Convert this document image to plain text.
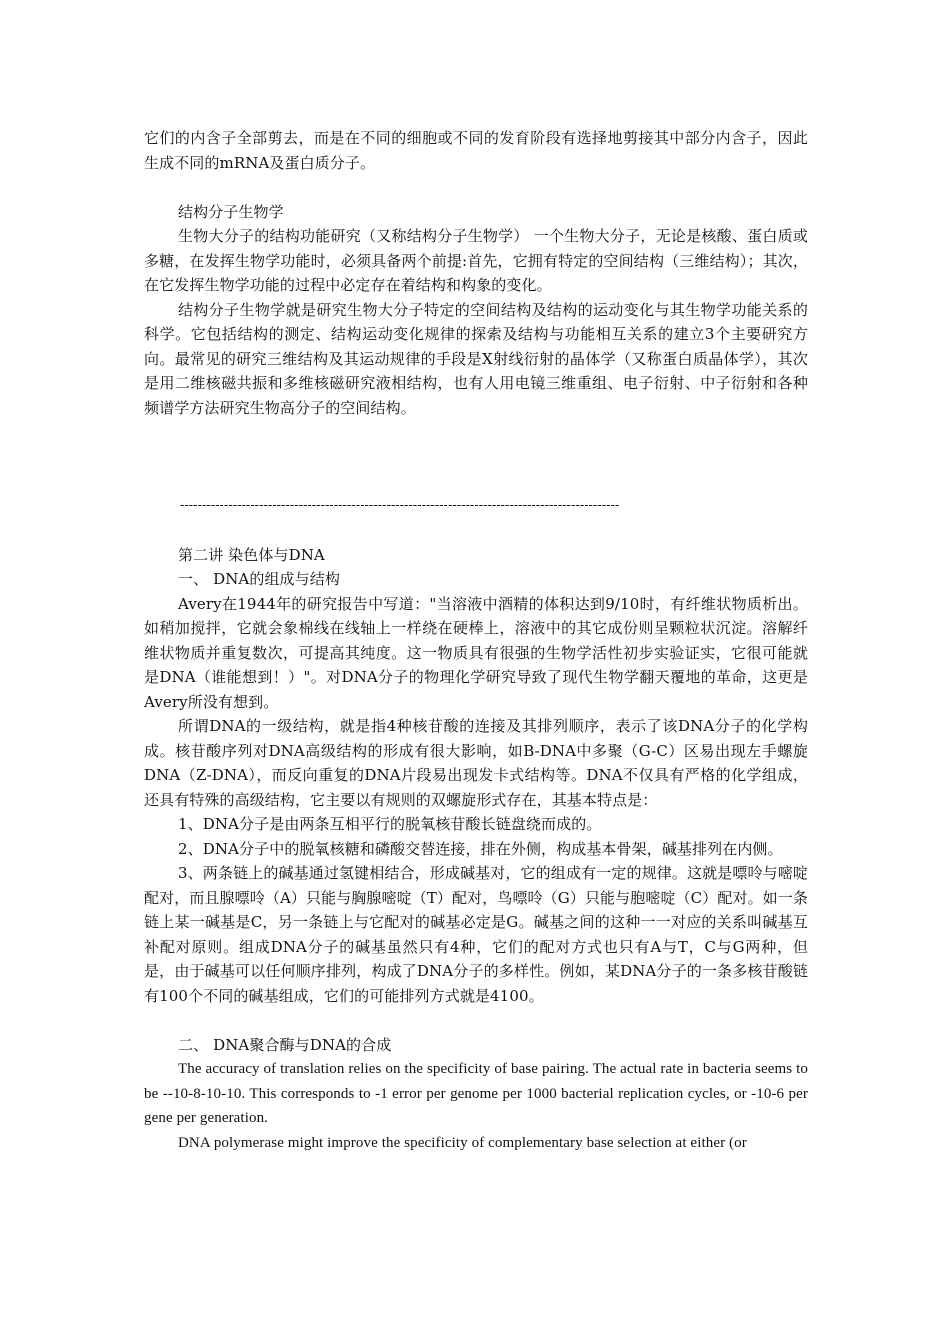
它们的内含子全部剪去，而是在不同的细胞或不同的发育阶段有选择地剪接其中部分内含子，因此生成不同的mRNA及蛋白质分子。

结构分子生物学

生物大分子的结构功能研究（又称结构分子生物学） 一个生物大分子，无论是核酸、蛋白质或多糖，在发挥生物学功能时，必须具备两个前提:首先，它拥有特定的空间结构（三维结构）；其次，在它发挥生物学功能的过程中必定存在着结构和构象的变化。

结构分子生物学就是研究生物大分子特定的空间结构及结构的运动变化与其生物学功能关系的科学。它包括结构的测定、结构运动变化规律的探索及结构与功能相互关系的建立3个主要研究方向。最常见的研究三维结构及其运动规律的手段是X射线衍射的晶体学（又称蛋白质晶体学），其次是用二维核磁共振和多维核磁研究液相结构，也有人用电镜三维重组、电子衍射、中子衍射和各种频谱学方法研究生物高分子的空间结构。

----------------------------------------------------------------------------------------------------

第二讲 染色体与DNA

一、 DNA的组成与结构

Avery在1944年的研究报告中写道："当溶液中酒精的体积达到9/10时，有纤维状物质析出。如稍加搅拌，它就会象棉线在线轴上一样绕在硬棒上，溶液中的其它成份则呈颗粒状沉淀。溶解纤维状物质并重复数次，可提高其纯度。这一物质具有很强的生物学活性初步实验证实，它很可能就是DNA（谁能想到！）"。对DNA分子的物理化学研究导致了现代生物学翻天覆地的革命，这更是Avery所没有想到。

所谓DNA的一级结构，就是指4种核苷酸的连接及其排列顺序，表示了该DNA分子的化学构成。核苷酸序列对DNA高级结构的形成有很大影响，如B-DNA中多聚（G-C）区易出现左手螺旋DNA（Z-DNA），而反向重复的DNA片段易出现发卡式结构等。DNA不仅具有严格的化学组成，还具有特殊的高级结构，它主要以有规则的双螺旋形式存在，其基本特点是：

1、DNA分子是由两条互相平行的脱氧核苷酸长链盘绕而成的。

2、DNA分子中的脱氧核糖和磷酸交替连接，排在外侧，构成基本骨架，碱基排列在内侧。

3、两条链上的碱基通过氢键相结合，形成碱基对，它的组成有一定的规律。这就是嘌呤与嘧啶配对，而且腺嘌呤（A）只能与胸腺嘧啶（T）配对，鸟嘌呤（G）只能与胞嘧啶（C）配对。如一条链上某一碱基是C，另一条链上与它配对的碱基必定是G。碱基之间的这种一一对应的关系叫碱基互补配对原则。组成DNA分子的碱基虽然只有4种，它们的配对方式也只有A与T，C与G两种，但是，由于碱基可以任何顺序排列，构成了DNA分子的多样性。例如，某DNA分子的一条多核苷酸链有100个不同的碱基组成，它们的可能排列方式就是4100。

二、 DNA聚合酶与DNA的合成

The accuracy of translation relies on the specificity of base pairing. The actual rate in bacteria seems to be --10-8-10-10. This corresponds to -1 error per genome per 1000 bacterial replication cycles, or -10-6 per gene per generation.

DNA polymerase might improve the specificity of complementary base selection at either (or
